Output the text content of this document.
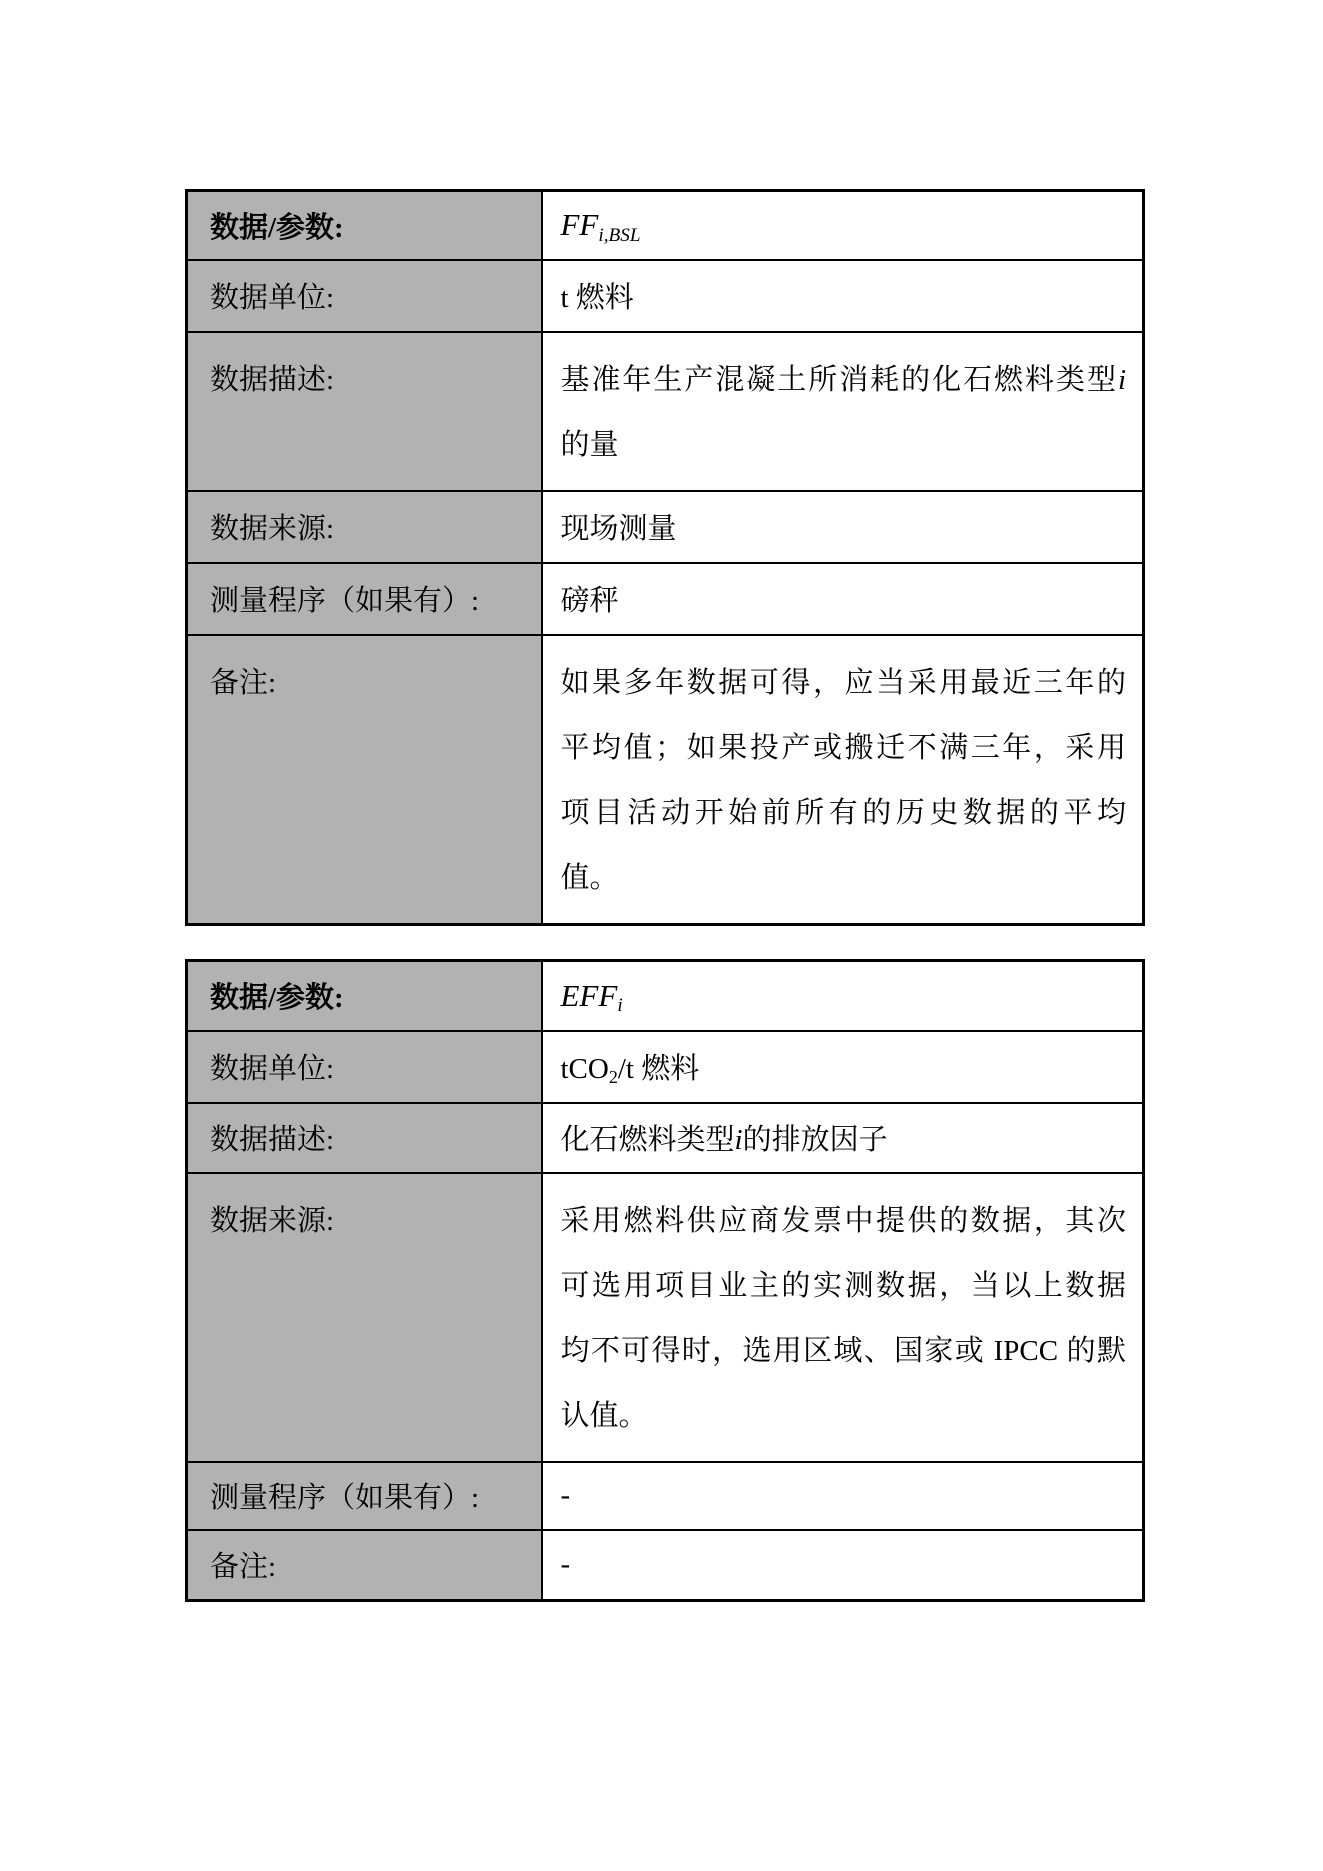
数据/参数:	$FF_{i,BSL}$
数据单位:	t 燃料
数据描述:	基准年生产混凝土所消耗的化石燃料类型i
的量

数据来源:	现场测量
测量程序（如果有）:	磅秤
备注:	如果多年数据可得，应当采用最近三年的
平均值；如果投产或搬迁不满三年，采用
项目活动开始前所有的历史数据的平均
值。
数据/参数:	$EFF_i$
数据单位:	tCO$_2$/t 燃料
数据描述:	化石燃料类型i的排放因子
数据来源:	采用燃料供应商发票中提供的数据，其次
可选用项目业主的实测数据，当以上数据
均不可得时，选用区域、国家或 IPCC 的默
认值。

测量程序（如果有）:	-
备注:	-
